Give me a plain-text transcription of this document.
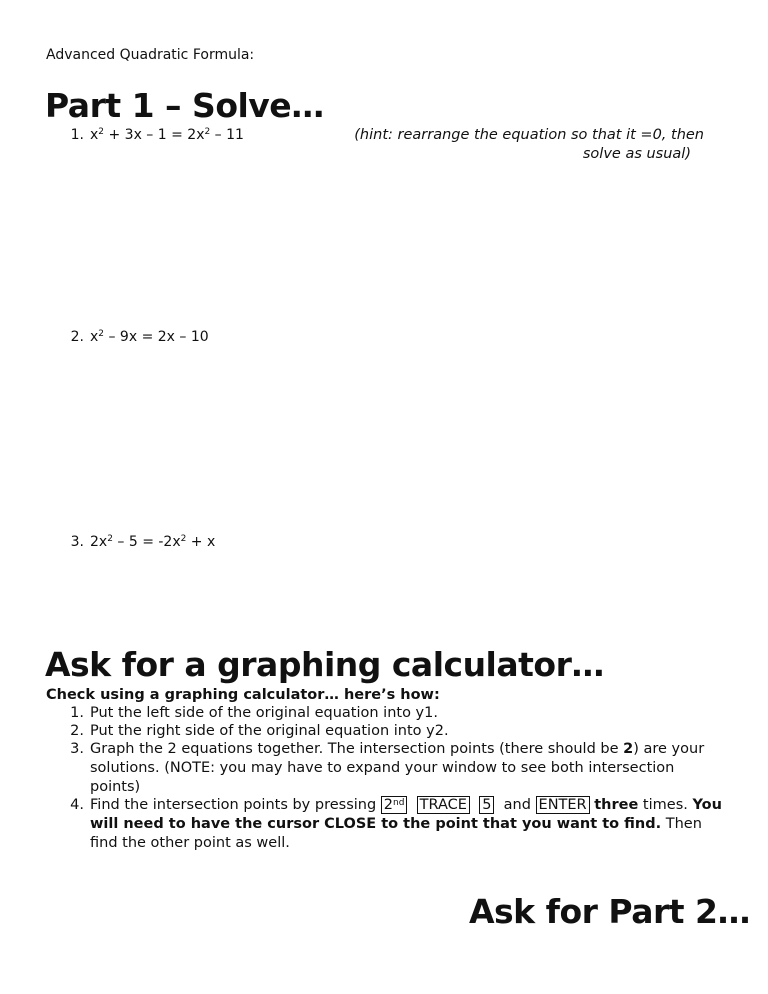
Advanced Quadratic Formula:
Part 1 – Solve…
1. $x^2 + 3x - 1 = 2x^2 - 11$	(hint: rearrange the equation so that it =0, then
solve as usual)
2. $x^2 - 9x = 2x - 10$
3. $2x^2 - 5 = -2x^2 + x$
Ask for a graphing calculator…
Check using a graphing calculator… here’s how:
1. Put the left side of the original equation into y1.
2. Put the right side of the original equation into y2.
3. Graph the 2 equations together. The intersection points (there should be 2) are your solutions. (NOTE: you may have to expand your window to see both intersection points)
4. Find the intersection points by pressing 2nd TRACE 5  and ENTER three times. You will need to have the cursor CLOSE to the point that you want to find. Then find the other point as well.
Ask for Part 2…
